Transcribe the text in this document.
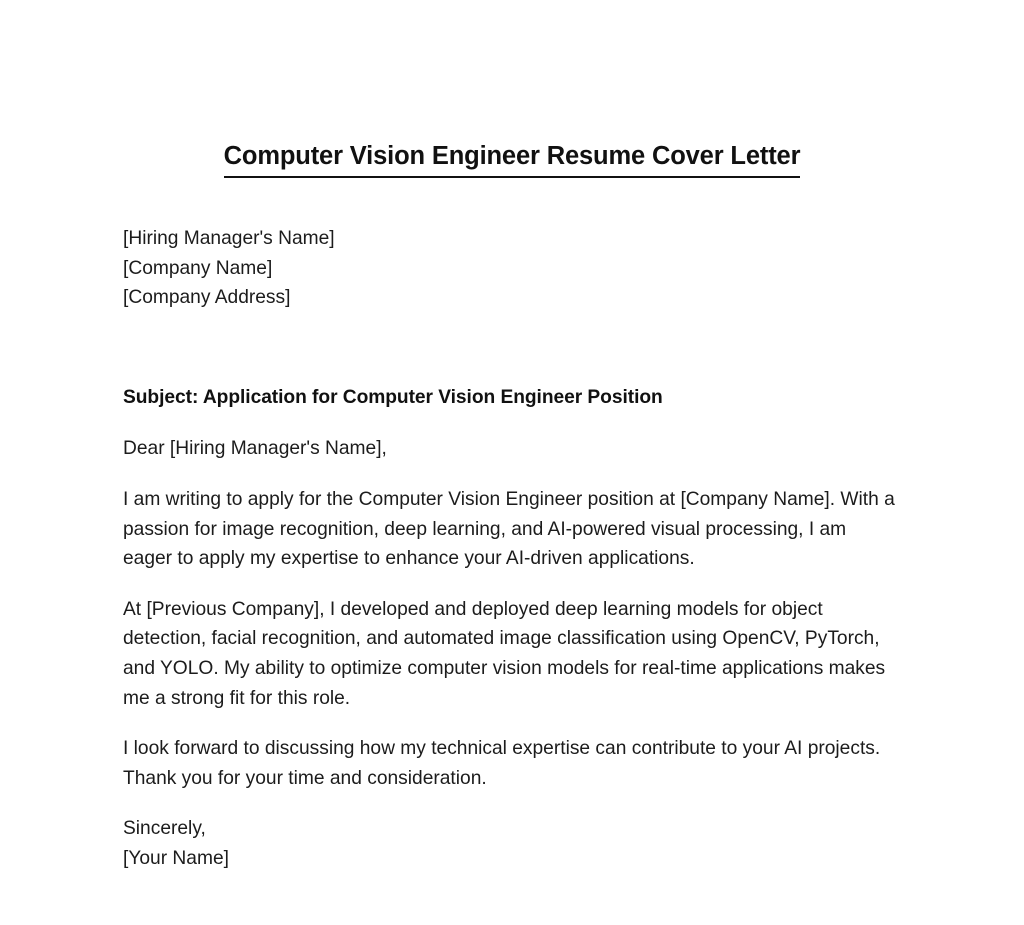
Computer Vision Engineer Resume Cover Letter
[Hiring Manager's Name]
[Company Name]
[Company Address]
Subject: Application for Computer Vision Engineer Position
Dear [Hiring Manager's Name],

I am writing to apply for the Computer Vision Engineer position at [Company Name]. With a passion for image recognition, deep learning, and AI-powered visual processing, I am eager to apply my expertise to enhance your AI-driven applications.

At [Previous Company], I developed and deployed deep learning models for object detection, facial recognition, and automated image classification using OpenCV, PyTorch, and YOLO. My ability to optimize computer vision models for real-time applications makes me a strong fit for this role.

I look forward to discussing how my technical expertise can contribute to your AI projects. Thank you for your time and consideration.

Sincerely,
[Your Name]
